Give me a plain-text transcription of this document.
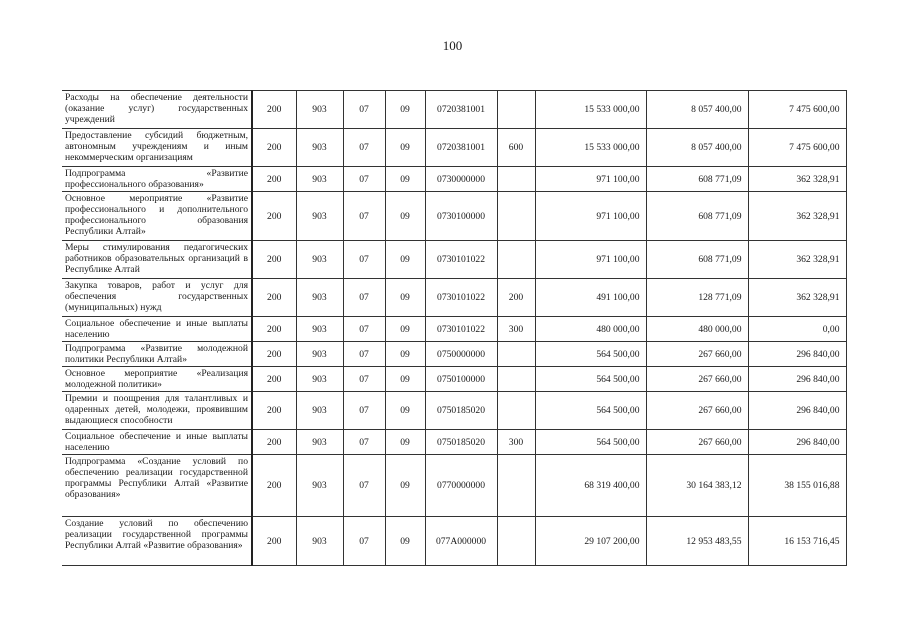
100
Расходы на обеспечение деятельности (оказание услуг) государственных учреждений	200	903	07	09	0720381001		15 533 000,00	8 057 400,00	7 475 600,00
Предоставление субсидий бюджетным, автономным учреждениям и иным некоммерческим организациям	200	903	07	09	0720381001	600	15 533 000,00	8 057 400,00	7 475 600,00
Подпрограмма «Развитие профессионального образования»	200	903	07	09	0730000000		971 100,00	608 771,09	362 328,91
Основное мероприятие «Развитие профессионального и дополнительного профессионального образования Республики Алтай»	200	903	07	09	0730100000		971 100,00	608 771,09	362 328,91
Меры стимулирования педагогических работников образовательных организаций в Республике Алтай	200	903	07	09	0730101022		971 100,00	608 771,09	362 328,91
Закупка товаров, работ и услуг для обеспечения государственных (муниципальных) нужд	200	903	07	09	0730101022	200	491 100,00	128 771,09	362 328,91
Социальное обеспечение и иные выплаты населению	200	903	07	09	0730101022	300	480 000,00	480 000,00	0,00
Подпрограмма «Развитие молодежной политики Республики Алтай»	200	903	07	09	0750000000		564 500,00	267 660,00	296 840,00
Основное мероприятие «Реализация молодежной политики»	200	903	07	09	0750100000		564 500,00	267 660,00	296 840,00
Премии и поощрения для талантливых и одаренных детей, молодежи, проявившим выдающиеся способности	200	903	07	09	0750185020		564 500,00	267 660,00	296 840,00
Социальное обеспечение и иные выплаты населению	200	903	07	09	0750185020	300	564 500,00	267 660,00	296 840,00
Подпрограмма «Создание условий по обеспечению реализации государственной программы Республики Алтай «Развитие образования»	200	903	07	09	0770000000		68 319 400,00	30 164 383,12	38 155 016,88
Создание условий по обеспечению реализации государственной программы Республики Алтай «Развитие образования»	200	903	07	09	077А000000		29 107 200,00	12 953 483,55	16 153 716,45
